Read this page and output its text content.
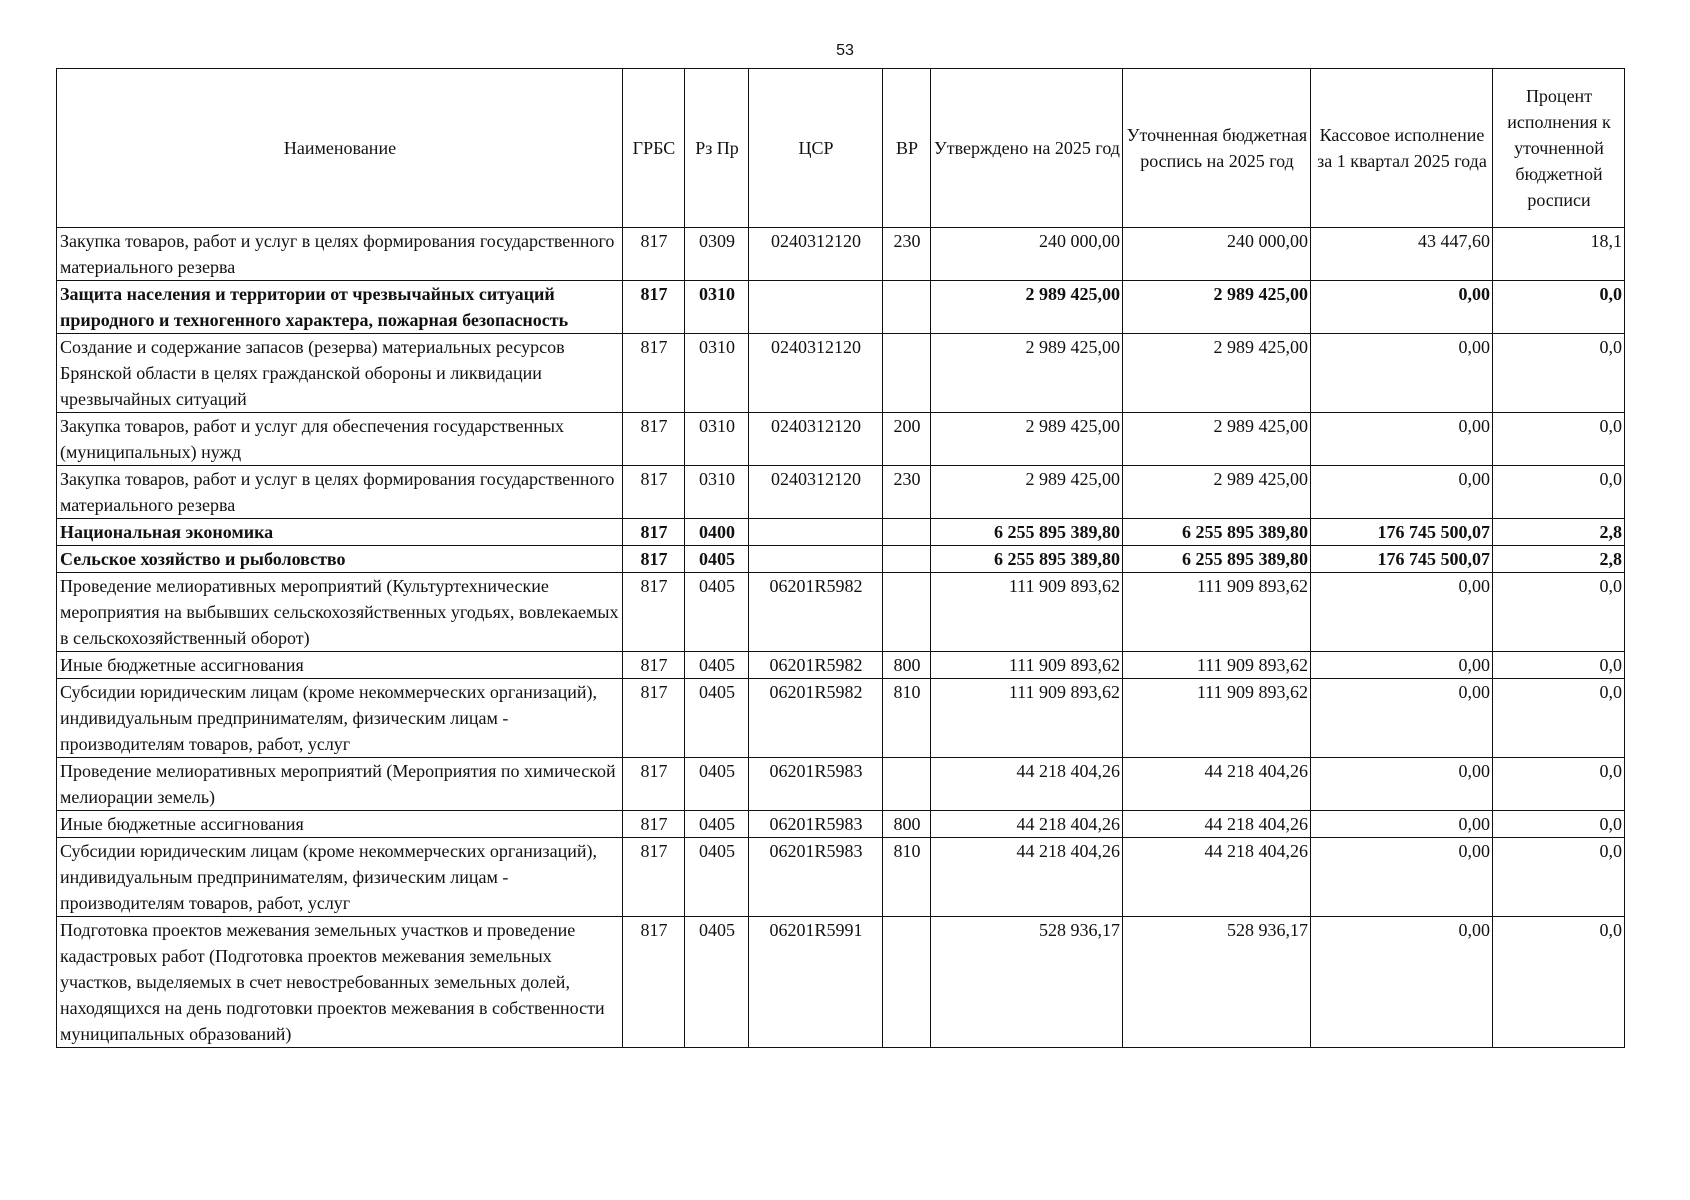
53
Наименование	ГРБС	Рз Пр	ЦСР	ВР	Утверждено на 2025 год	Уточненная бюджетная роспись на 2025 год	Кассовое исполнение за 1 квартал 2025 года	Процент исполнения к уточненной бюджетной росписи
Закупка товаров, работ и услуг в целях формирования государственного материального резерва	817	0309	0240312120	230	240 000,00	240 000,00	43 447,60	18,1
Защита населения и территории от чрезвычайных ситуаций природного и техногенного характера, пожарная безопасность	817	0310			2 989 425,00	2 989 425,00	0,00	0,0
Создание и содержание запасов (резерва) материальных ресурсов Брянской области в целях гражданской обороны и ликвидации чрезвычайных ситуаций	817	0310	0240312120		2 989 425,00	2 989 425,00	0,00	0,0
Закупка товаров, работ и услуг для обеспечения государственных (муниципальных) нужд	817	0310	0240312120	200	2 989 425,00	2 989 425,00	0,00	0,0
Закупка товаров, работ и услуг в целях формирования государственного материального резерва	817	0310	0240312120	230	2 989 425,00	2 989 425,00	0,00	0,0
Национальная экономика	817	0400			6 255 895 389,80	6 255 895 389,80	176 745 500,07	2,8
Сельское хозяйство и рыболовство	817	0405			6 255 895 389,80	6 255 895 389,80	176 745 500,07	2,8
Проведение мелиоративных мероприятий (Культуртехнические мероприятия на выбывших сельскохозяйственных угодьях, вовлекаемых в сельскохозяйственный оборот)	817	0405	06201R5982		111 909 893,62	111 909 893,62	0,00	0,0
Иные бюджетные ассигнования	817	0405	06201R5982	800	111 909 893,62	111 909 893,62	0,00	0,0
Субсидии юридическим лицам (кроме некоммерческих организаций), индивидуальным предпринимателям, физическим лицам - производителям товаров, работ, услуг	817	0405	06201R5982	810	111 909 893,62	111 909 893,62	0,00	0,0
Проведение мелиоративных мероприятий (Мероприятия по химической мелиорации земель)	817	0405	06201R5983		44 218 404,26	44 218 404,26	0,00	0,0
Иные бюджетные ассигнования	817	0405	06201R5983	800	44 218 404,26	44 218 404,26	0,00	0,0
Субсидии юридическим лицам (кроме некоммерческих организаций), индивидуальным предпринимателям, физическим лицам - производителям товаров, работ, услуг	817	0405	06201R5983	810	44 218 404,26	44 218 404,26	0,00	0,0
Подготовка проектов межевания земельных участков и проведение кадастровых работ (Подготовка проектов межевания земельных участков, выделяемых в счет невостребованных земельных долей, находящихся на день подготовки проектов межевания в собственности муниципальных образований)	817	0405	06201R5991		528 936,17	528 936,17	0,00	0,0
